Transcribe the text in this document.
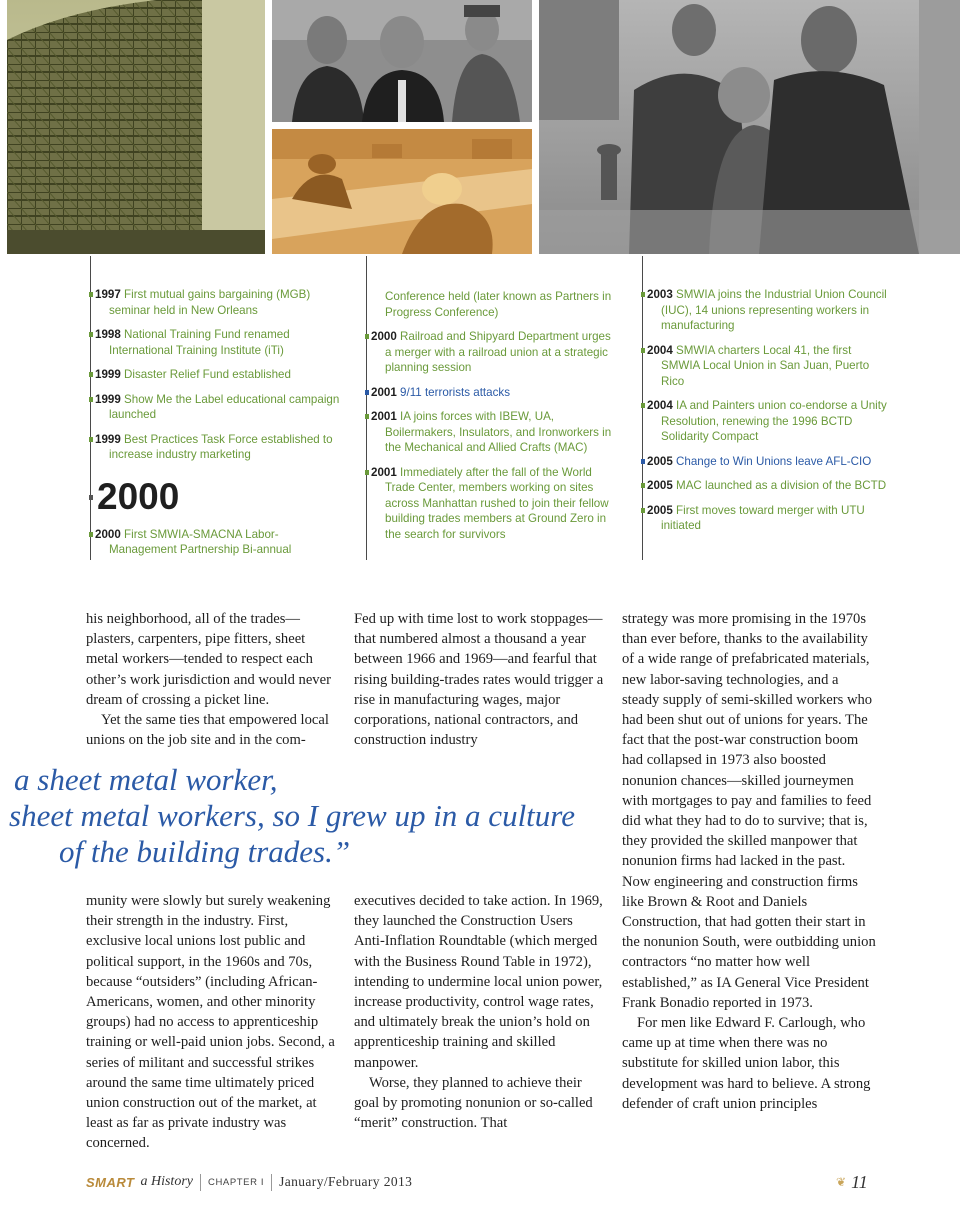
1997 First mutual gains bargaining (MGB) seminar held in New Orleans
1998 National Training Fund renamed International Training Institute (iTi)
1999 Disaster Relief Fund established
1999 Show Me the Label educational campaign launched
1999 Best Practices Task Force established to increase industry marketing
2000
2000 First SMWIA-SMACNA Labor-Management Partnership Bi-annual
Conference held (later known as Partners in Progress Conference)
2000 Railroad and Shipyard Department urges a merger with a railroad union at a strategic planning session
2001 9/11 terrorists attacks
2001 IA joins forces with IBEW, UA, Boilermakers, Insulators, and Ironworkers in the Mechanical and Allied Crafts (MAC)
2001 Immediately after the fall of the World Trade Center, members working on sites across Manhattan rushed to join their fellow building trades members at Ground Zero in the search for survivors
2003 SMWIA joins the Industrial Union Council (IUC), 14 unions representing workers in manufacturing
2004 SMWIA charters Local 41, the first SMWIA Local Union in San Juan, Puerto Rico
2004 IA and Painters union co-endorse a Unity Resolution, renewing the 1996 BCTD Solidarity Compact
2005 Change to Win Unions leave AFL-CIO
2005 MAC launched as a division of the BCTD
2005 First moves toward merger with UTU initiated

his neighborhood, all of the trades—plasters, carpenters, pipe fitters, sheet metal workers—tended to respect each other’s work jurisdiction and would never dream of crossing a picket line.

Yet the same ties that empowered local unions on the job site and in the com-

Fed up with time lost to work stoppages—that numbered almost a thousand a year between 1966 and 1969—and fearful that rising building-trades rates would trigger a rise in manufacturing wages, major corporations, national contractors, and construction industry

a sheet metal worker,
sheet metal workers, so I grew up in a culture
of the building trades.”

munity were slowly but surely weakening their strength in the industry. First, exclusive local unions lost public and political support, in the 1960s and 70s, because “outsiders” (including African-Americans, women, and other minority groups) had no access to apprenticeship training or well-paid union jobs. Second, a series of militant and successful strikes around the same time ultimately priced union construction out of the market, at least as far as private industry was concerned.

executives decided to take action. In 1969, they launched the Construction Users Anti-Inflation Roundtable (which merged with the Business Round Table in 1972), intending to undermine local union power, increase productivity, control wage rates, and ultimately break the union’s hold on apprenticeship training and skilled manpower.

Worse, they planned to achieve their goal by promoting nonunion or so-called “merit” construction. That

strategy was more promising in the 1970s than ever before, thanks to the availability of a wide range of prefabricated materials, new labor-saving technologies, and a steady supply of semi-skilled workers who had been shut out of unions for years. The fact that the post-war construction boom had collapsed in 1973 also boosted nonunion chances—skilled journeymen with mortgages to pay and families to feed did what they had to do to survive; that is, they provided the skilled manpower that nonunion firms had lacked in the past. Now engineering and construction firms like Brown & Root and Daniels Construction, that had gotten their start in the nonunion South, were outbidding union contractors “no matter how well established,” as IA General Vice President Frank Bonadio reported in 1973.

For men like Edward F. Carlough, who came up at time when there was no substitute for skilled union labor, this development was hard to believe. A strong defender of craft union principles

SMART a History CHAPTER I January/February 2013	❦ 11
